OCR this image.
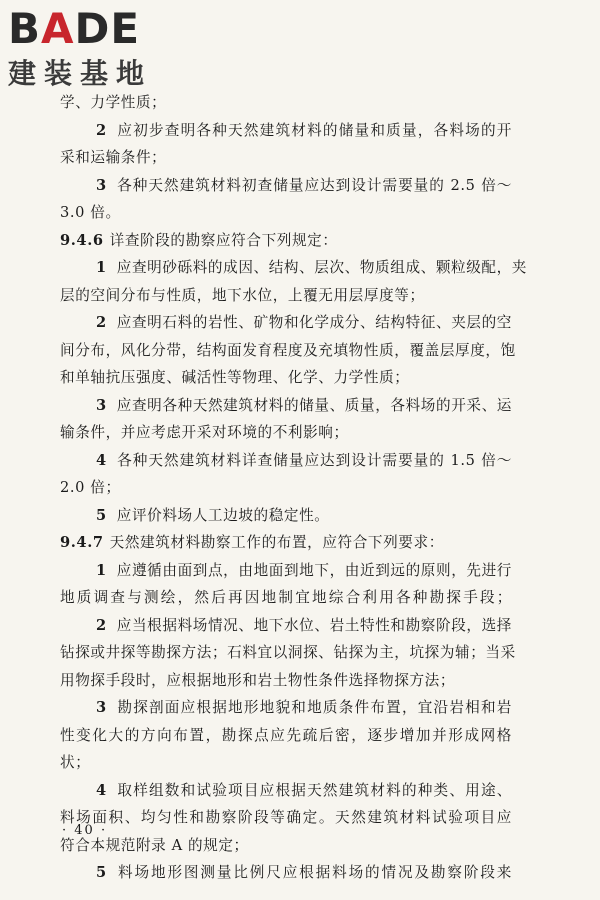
BADE
建装基地
学、力学性质；
2 应初步查明各种天然建筑材料的储量和质量，各料场的开
采和运输条件；
3 各种天然建筑材料初查储量应达到设计需要量的 2.5 倍～
3.0 倍。
9.4.6 详查阶段的勘察应符合下列规定：
1 应查明砂砾料的成因、结构、层次、物质组成、颗粒级配，夹
层的空间分布与性质，地下水位，上覆无用层厚度等；
2 应查明石料的岩性、矿物和化学成分、结构特征、夹层的空
间分布，风化分带，结构面发育程度及充填物性质，覆盖层厚度，饱
和单轴抗压强度、碱活性等物理、化学、力学性质；
3 应查明各种天然建筑材料的储量、质量，各料场的开采、运
输条件，并应考虑开采对环境的不利影响；
4 各种天然建筑材料详查储量应达到设计需要量的 1.5 倍～
2.0 倍；
5 应评价料场人工边坡的稳定性。
9.4.7 天然建筑材料勘察工作的布置，应符合下列要求：
1 应遵循由面到点，由地面到地下，由近到远的原则，先进行
地质调查与测绘，然后再因地制宜地综合利用各种勘探手段；
2 应当根据料场情况、地下水位、岩土特性和勘察阶段，选择
钻探或井探等勘探方法；石料宜以洞探、钻探为主，坑探为辅；当采
用物探手段时，应根据地形和岩土物性条件选择物探方法；
3 勘探剖面应根据地形地貌和地质条件布置，宜沿岩相和岩
性变化大的方向布置，勘探点应先疏后密，逐步增加并形成网格
状；
4 取样组数和试验项目应根据天然建筑材料的种类、用途、
料场面积、均匀性和勘察阶段等确定。天然建筑材料试验项目应
符合本规范附录 A 的规定；
5 料场地形图测量比例尺应根据料场的情况及勘察阶段来
· 40 ·
